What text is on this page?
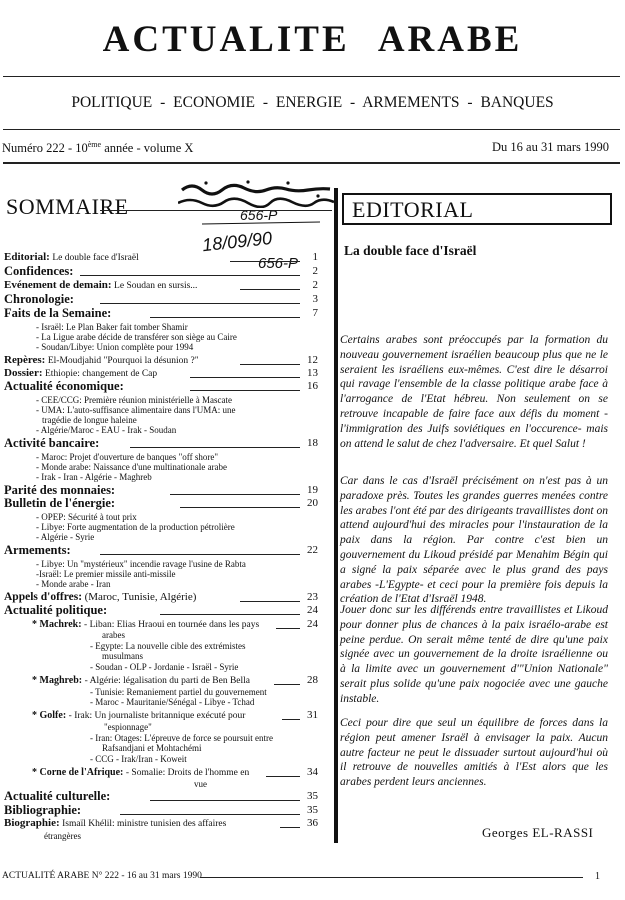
ACTUALITE ARABE
POLITIQUE - ECONOMIE - ENERGIE - ARMEMENTS - BANQUES
Numéro 222 - 10ème année - volume X	Du 16 au 31 mars 1990
656-P
18/09/90
656-P
SOMMAIRE
Editorial: Le double face d'Israël	1
Confidences:	2
Evénement de demain: Le Soudan en sursis...	2
Chronologie:	3
Faits de la Semaine:	7
- Israël: Le Plan Baker fait tomber Shamir
- La Ligue arabe décide de transférer son siège au Caire
- Soudan/Libye: Union complète pour 1994
Repères: El-Moudjahid "Pourquoi la désunion ?"	12
Dossier: Ethiopie: changement de Cap	13
Actualité économique:	16
- CEE/CCG: Première réunion ministérielle à Mascate
- UMA: L'auto-suffisance alimentaire dans l'UMA: une
tragédie de longue haleine
- Algérie/Maroc - EAU - Irak - Soudan
Activité bancaire:	18
- Maroc: Projet d'ouverture de banques "off shore"
- Monde arabe: Naissance d'une multinationale arabe
- Irak - Iran - Algérie - Maghreb
Parité des monnaies:	19
Bulletin de l'énergie:	20
- OPEP: Sécurité à tout prix
- Libye: Forte augmentation de la production pétrolière
- Algérie - Syrie
Armements:	22
- Libye: Un "mystérieux" incendie ravage l'usine de Rabta
-Israël: Le premier missile anti-missile
- Monde arabe - Iran
Appels d'offres: (Maroc, Tunisie, Algérie)	23
Actualité politique:	24
* Machrek: - Liban: Elias Hraoui en tournée dans les pays	24
arabes
- Egypte: La nouvelle cible des extrémistes
musulmans
- Soudan - OLP - Jordanie - Israël - Syrie
* Maghreb: - Algérie: légalisation du parti de Ben Bella	28
- Tunisie: Remaniement partiel du gouvernement
- Maroc - Mauritanie/Sénégal - Libye - Tchad
* Golfe: - Irak: Un journaliste britannique exécuté pour	31
"espionnage"
- Iran: Otages: L'épreuve de force se poursuit entre
Rafsandjani et Mohtachémi
- CCG - Irak/Iran - Koweit
* Corne de l'Afrique: - Somalie: Droits de l'homme en	34
vue
Actualité culturelle:	35
Bibliographie:	35
Biographie: Ismaïl Khélil: ministre tunisien des affaires	36
étrangères
EDITORIAL
La double face d'Israël
Certains arabes sont préoccupés par la formation du nouveau gouvernement israélien beaucoup plus que ne le seraient les israéliens eux-mêmes. C'est dire le désarroi qui ravage l'ensemble de la classe politique arabe face à l'arrogance de l'Etat hébreu. Non seulement on se retrouve incapable de faire face aux défis du moment -l'immigration des Juifs soviétiques en l'occurence- mais on attend le salut de chez l'adversaire. Et quel Salut !
Car dans le cas d'Israël précisément on n'est pas à un paradoxe près. Toutes les grandes guerres menées contre les arabes l'ont été par des dirigeants travaillistes dont on attend aujourd'hui des miracles pour l'instauration de la paix dans la région. Par contre c'est bien un gouvernement du Likoud présidé par Menahim Bégin qui a signé la paix séparée avec le plus grand des pays arabes -L'Egypte- et ceci pour la première fois depuis la création de l'Etat d'Israël 1948.
Jouer donc sur les différends entre travaillistes et Likoud pour donner plus de chances à la paix israélo-arabe est peine perdue. On serait même tenté de dire qu'une paix signée avec un gouvernement de la droite israélienne ou à la limite avec un gouvernement d'"Union Nationale" serait plus solide qu'une paix nogociée avec une gauche instable.
Ceci pour dire que seul un équilibre de forces dans la région peut amener Israël à envisager la paix. Aucun autre facteur ne peut le dissuader surtout aujourd'hui où il retrouve de nouvelles amitiés à l'Est alors que les arabes perdent leurs anciennes.
Georges EL-RASSI
ACTUALITÉ ARABE N° 222 - 16 au 31 mars 1990	1
